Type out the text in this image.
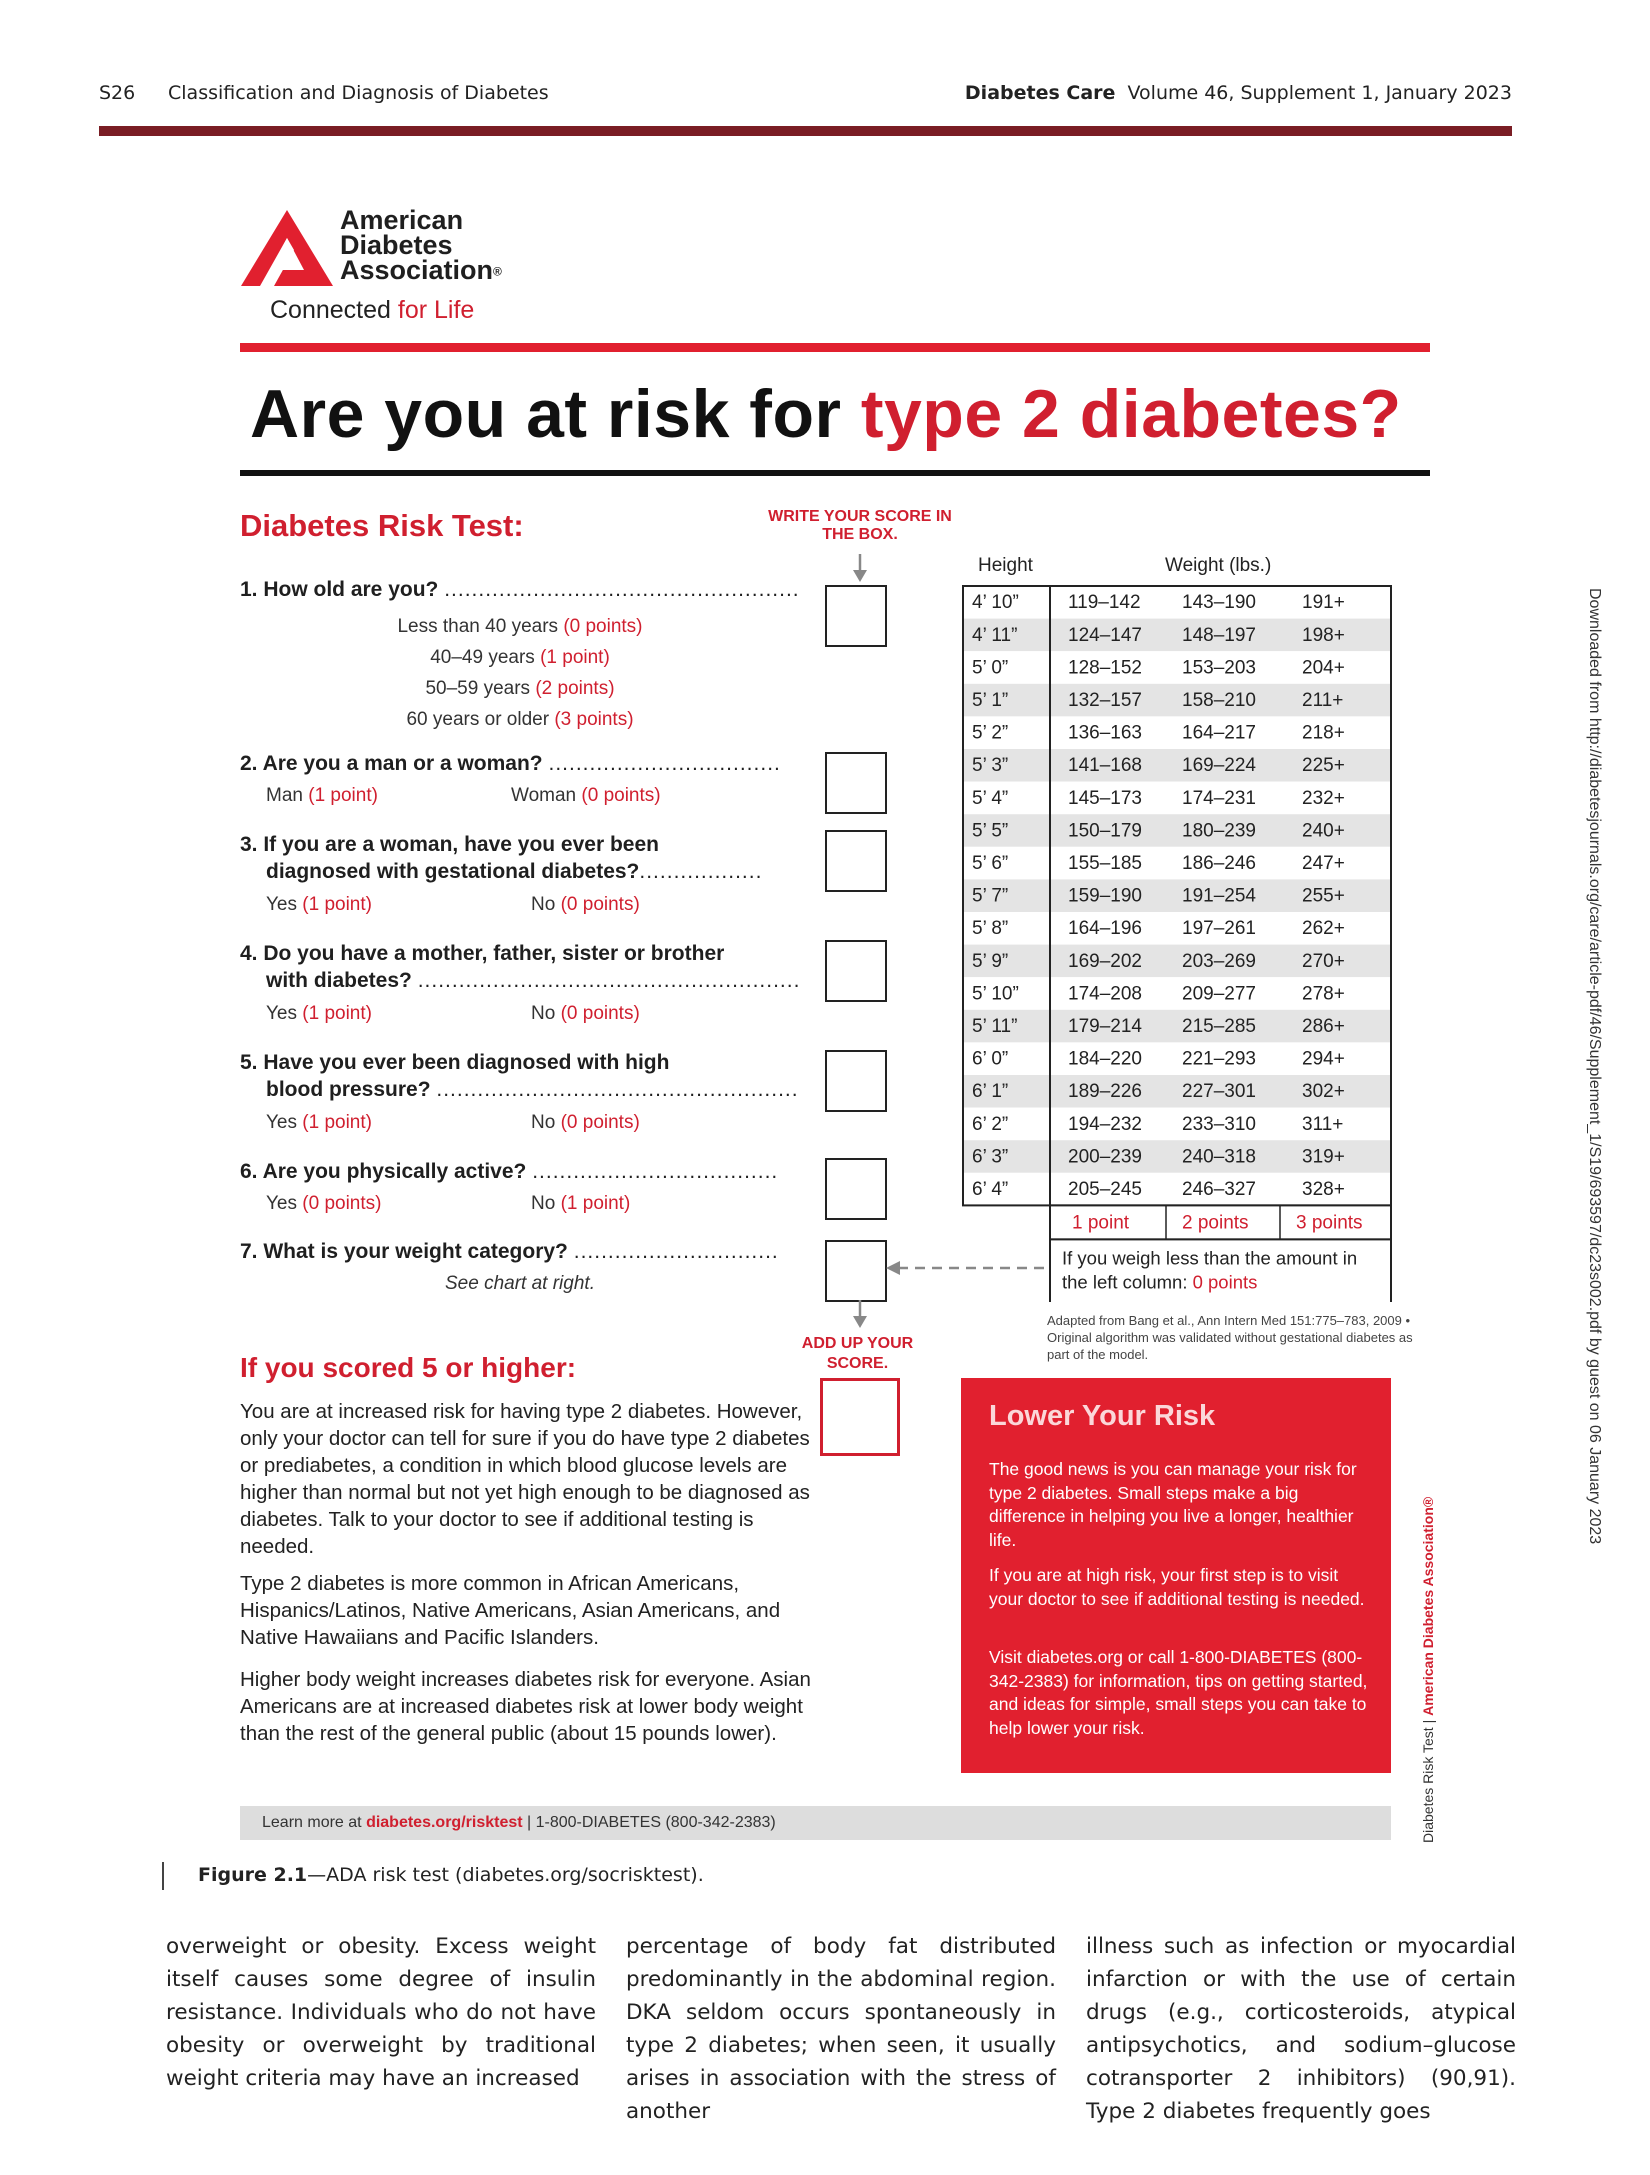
S26 Classification and Diagnosis of Diabetes	Diabetes Care Volume 46, Supplement 1, January 2023
American
Diabetes
Association®
Connected for Life
Are you at risk for type 2 diabetes?
Diabetes Risk Test:	WRITE YOUR SCORE IN THE BOX.
1. How old are you? ....................................................
Less than 40 years (0 points)
40–49 years (1 point)
50–59 years (2 points)
60 years or older (3 points)
2. Are you a man or a woman? ..................................
Man (1 point)	Woman (0 points)
3. If you are a woman, have you ever been
diagnosed with gestational diabetes?..................
Yes (1 point)	No (0 points)
4. Do you have a mother, father, sister or brother
with diabetes? ........................................................
Yes (1 point)	No (0 points)
5. Have you ever been diagnosed with high
blood pressure? .....................................................
Yes (1 point)	No (0 points)
6. Are you physically active? ....................................
Yes (0 points)	No (1 point)
7. What is your weight category? ..............................
See chart at right.
Height	Weight (lbs.)
4’ 10”	119–142 143–190 191+
4’ 11”	124–147 148–197 198+
5’ 0”	128–152 153–203 204+
5’ 1”	132–157 158–210 211+
5’ 2”	136–163 164–217 218+
5’ 3”	141–168 169–224 225+
5’ 4”	145–173 174–231 232+
5’ 5”	150–179 180–239 240+
5’ 6”	155–185 186–246 247+
5’ 7”	159–190 191–254 255+
5’ 8”	164–196 197–261 262+
5’ 9”	169–202 203–269 270+
5’ 10”	174–208 209–277 278+
5’ 11”	179–214 215–285 286+
6’ 0”	184–220 221–293 294+
6’ 1”	189–226 227–301 302+
6’ 2”	194–232 233–310 311+
6’ 3”	200–239 240–318 319+
6’ 4”	205–245 246–327 328+
1 point	2 points 3 points
If you weigh less than the amount in
the left column: 0 points
Adapted from Bang et al., Ann Intern Med 151:775–783, 2009 • Original algorithm was validated without gestational diabetes as part of the model.
ADD UP YOUR SCORE.
If you scored 5 or higher:
You are at increased risk for having type 2 diabetes. However, only your doctor can tell for sure if you do have type 2 diabetes or prediabetes, a condition in which blood glucose levels are higher than normal but not yet high enough to be diagnosed as diabetes. Talk to your doctor to see if additional testing is needed.
Type 2 diabetes is more common in African Americans, Hispanics/Latinos, Native Americans, Asian Americans, and Native Hawaiians and Pacific Islanders.
Higher body weight increases diabetes risk for everyone. Asian Americans are at increased diabetes risk at lower body weight than the rest of the general public (about 15 pounds lower).
Lower Your Risk
The good news is you can manage your risk for type 2 diabetes. Small steps make a big difference in helping you live a longer, healthier life.
If you are at high risk, your first step is to visit your doctor to see if additional testing is needed.
Visit diabetes.org or call 1-800-DIABETES (800-342-2383) for information, tips on getting started, and ideas for simple, small steps you can take to help lower your risk.
Learn more at diabetes.org/risktest | 1-800-DIABETES (800-342-2383)	Diabetes Risk Test | American Diabetes Association®
Downloaded from http://diabetesjournals.org/care/article-pdf/46/Supplement_1/S19/693597/dc23s002.pdf by guest on 06 January 2023
Figure 2.1—ADA risk test (diabetes.org/socrisktest).
overweight or obesity. Excess weight itself causes some degree of insulin resistance. Individuals who do not have obesity or overweight by traditional weight criteria may have an increased
percentage of body fat distributed predominantly in the abdominal region. DKA seldom occurs spontaneously in type 2 diabetes; when seen, it usually arises in association with the stress of another
illness such as infection or myocardial infarction or with the use of certain drugs (e.g., corticosteroids, atypical antipsychotics, and sodium–glucose cotransporter 2 inhibitors) (90,91). Type 2 diabetes frequently goes
